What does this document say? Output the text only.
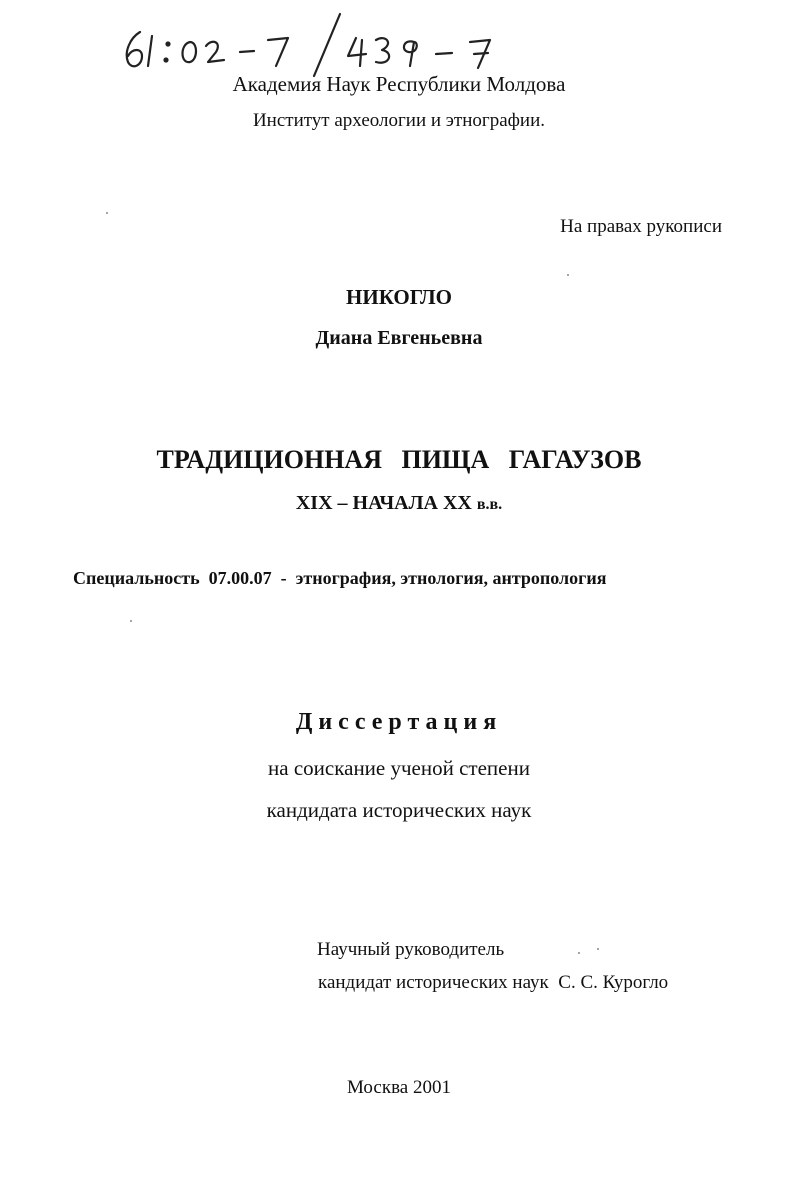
Академия Наук Республики Молдова

Институт археологии и этнографии.

На правах рукописи

НИКОГЛО

Диана Евгеньевна

ТРАДИЦИОННАЯ   ПИЩА   ГАГАУЗОВ

XIX – НАЧАЛА XX в.в.

Специальность 07.00.07 - этнография, этнология, антропология

Диссертация

на соискание ученой степени

кандидата исторических наук

Научный руководитель

кандидат исторических наук  С. С. Курогло

Москва 2001
